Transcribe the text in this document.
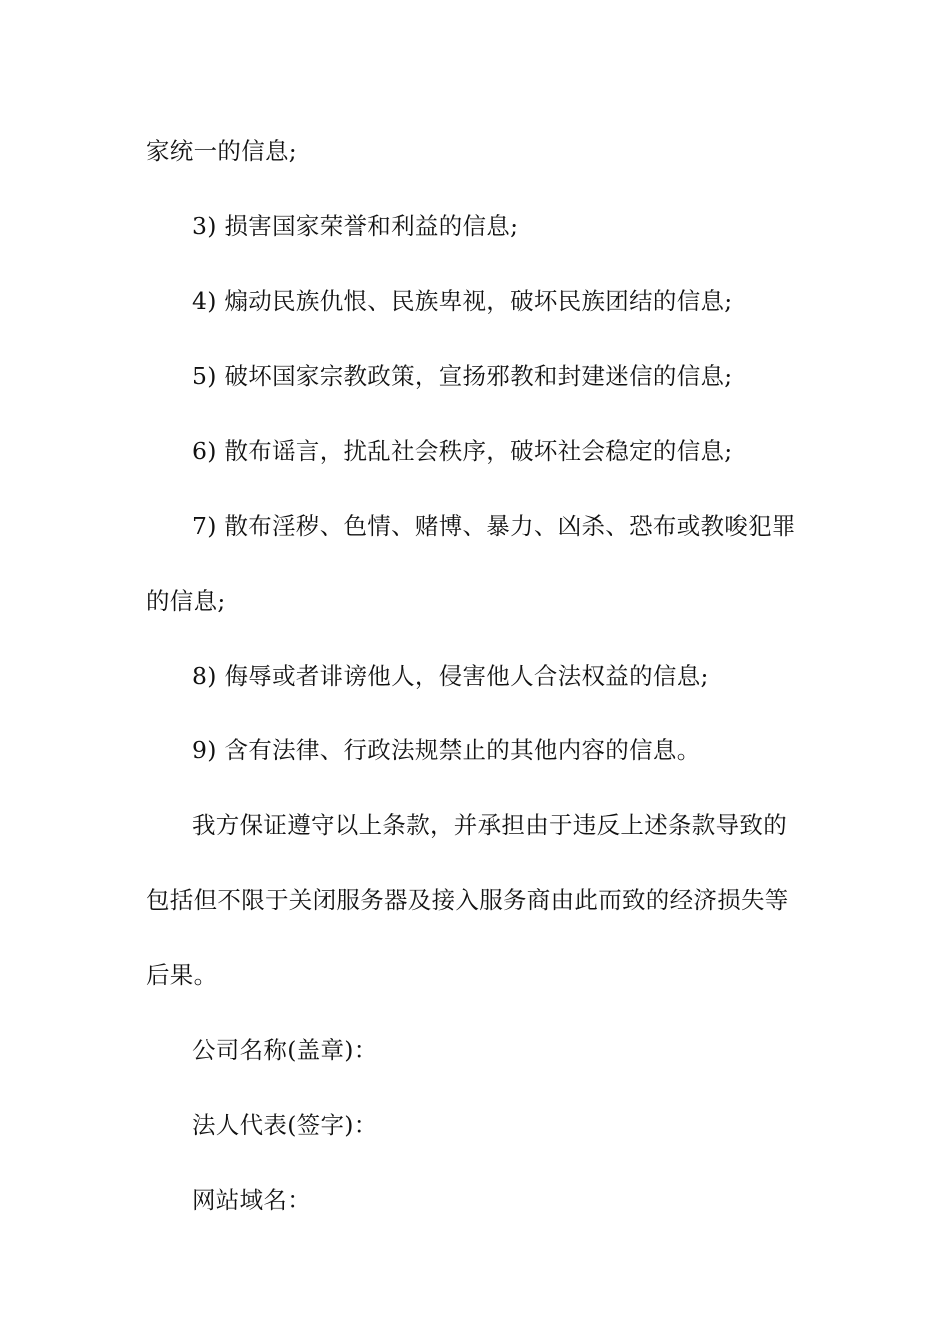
家统一的信息;
3) 损害国家荣誉和利益的信息;
4) 煽动民族仇恨、民族卑视，破坏民族团结的信息;
5) 破坏国家宗教政策，宣扬邪教和封建迷信的信息;
6) 散布谣言，扰乱社会秩序，破坏社会稳定的信息;
7) 散布淫秽、色情、赌博、暴力、凶杀、恐布或教唆犯罪
的信息;
8) 侮辱或者诽谤他人，侵害他人合法权益的信息;
9) 含有法律、行政法规禁止的其他内容的信息。
我方保证遵守以上条款，并承担由于违反上述条款导致的
包括但不限于关闭服务器及接入服务商由此而致的经济损失等
后果。
公司名称(盖章)：
法人代表(签字)：
网站域名：
